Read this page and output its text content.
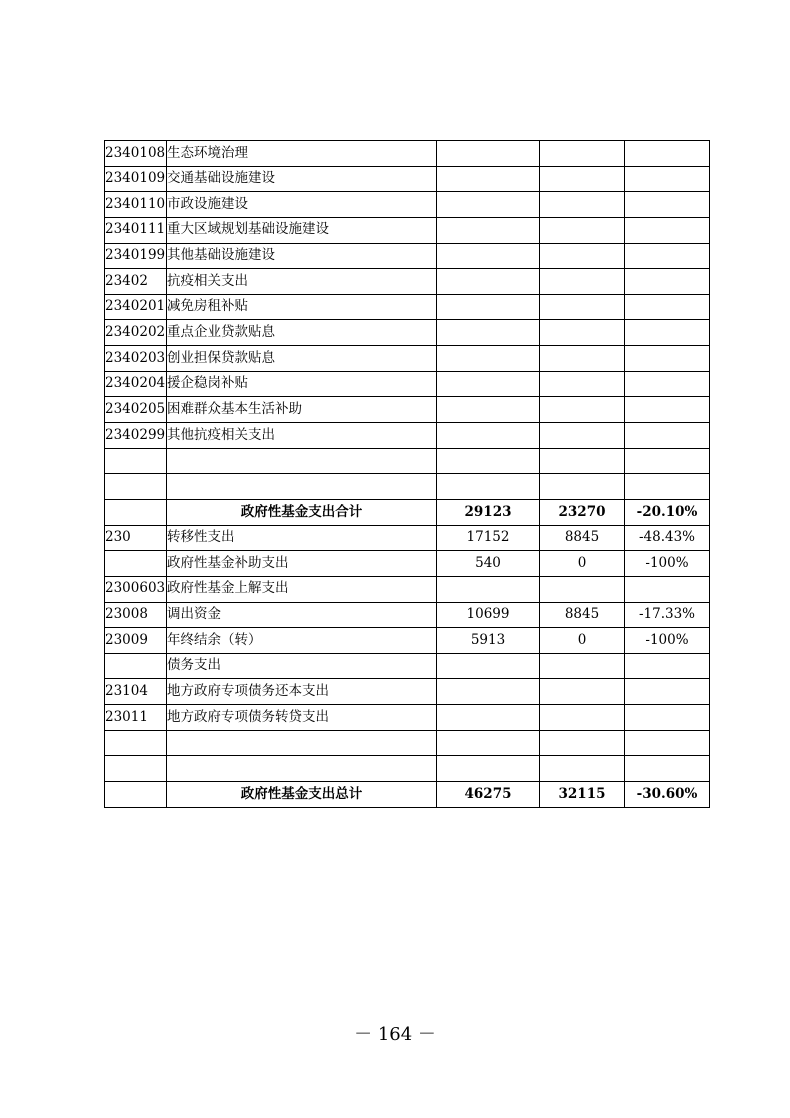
2340108	生态环境治理			
2340109	交通基础设施建设			
2340110	市政设施建设			
2340111	重大区域规划基础设施建设			
2340199	其他基础设施建设			
23402	抗疫相关支出			
2340201	减免房租补贴			
2340202	重点企业贷款贴息			
2340203	创业担保贷款贴息			
2340204	援企稳岗补贴			
2340205	困难群众基本生活补助			
2340299	其他抗疫相关支出			

	政府性基金支出合计	29123	23270	-20.10%
230	转移性支出	17152	8845	-48.43%
	政府性基金补助支出	540	0	-100%
2300603	政府性基金上解支出			
23008	调出资金	10699	8845	-17.33%
23009	年终结余（转）	5913	0	-100%
	债务支出			
23104	地方政府专项债务还本支出			
23011	地方政府专项债务转贷支出			

	政府性基金支出总计	46275	32115	-30.60%
－ 164 －
